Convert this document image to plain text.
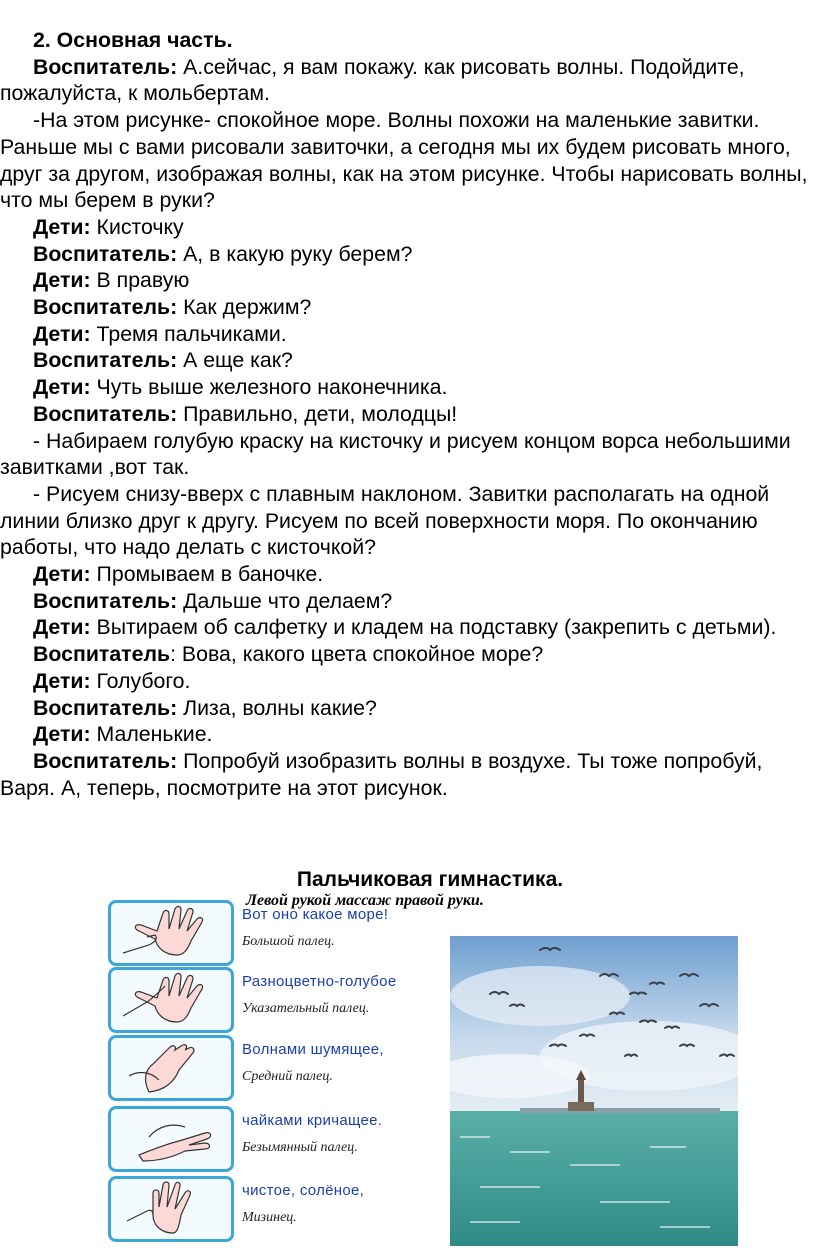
2. Основная часть.

Воспитатель: А.сейчас, я вам покажу. как рисовать волны. Подойдите, пожалуйста, к мольбертам.

-На этом рисунке- спокойное море. Волны похожи на маленькие завитки. Раньше мы с вами рисовали завиточки, а сегодня мы их будем рисовать много, друг за другом, изображая волны, как на этом рисунке. Чтобы нарисовать волны, что мы берем в руки?

Дети: Кисточку

Воспитатель: А, в какую руку берем?

Дети: В правую

Воспитатель: Как держим?

Дети: Тремя пальчиками.

Воспитатель: А еще как?

Дети: Чуть выше железного наконечника.

Воспитатель: Правильно, дети, молодцы!

- Набираем голубую краску на кисточку и рисуем концом ворса небольшими завитками ,вот так.

- Рисуем снизу-вверх с плавным наклоном. Завитки располагать на одной линии близко друг к другу. Рисуем по всей поверхности моря. По окончанию работы, что надо делать с кисточкой?

Дети: Промываем в баночке.

Воспитатель: Дальше что делаем?

Дети: Вытираем об салфетку и кладем на подставку (закрепить с детьми).

Воспитатель: Вова, какого цвета спокойное море?

Дети: Голубого.

Воспитатель: Лиза, волны какие?

Дети: Маленькие.

Воспитатель: Попробуй изобразить волны в воздухе. Ты тоже попробуй, Варя. А, теперь, посмотрите на этот рисунок.

Пальчиковая гимнастика.
Левой рукой массаж правой руки.
Вот оно какое море!
Большой палец.
Разноцветно-голубое
Указательный палец.
Волнами шумящее,
Средний палец.
чайками кричащее.
Безымянный палец.
чистое, солёное,
Мизинец.
